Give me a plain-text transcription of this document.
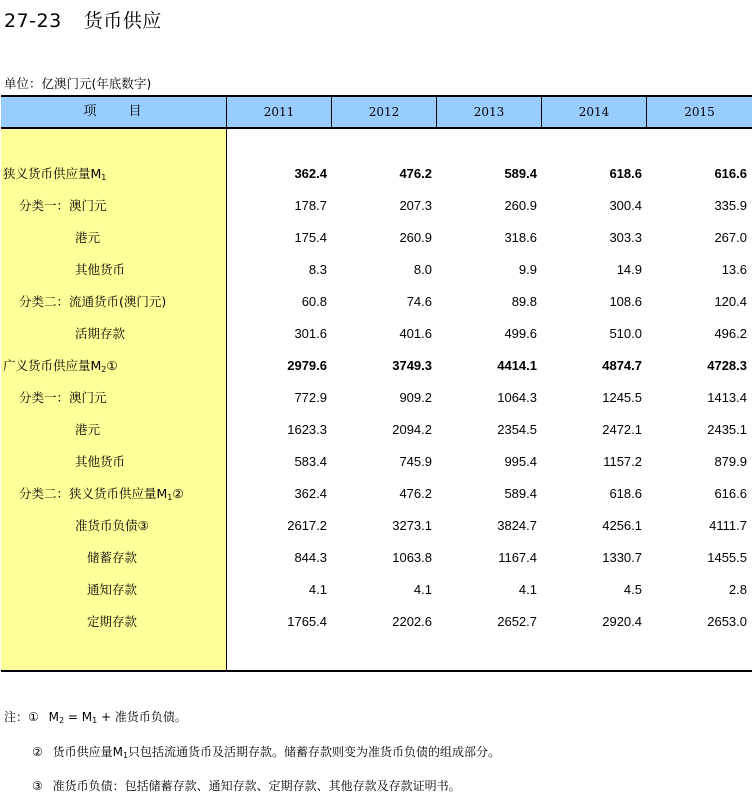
27-23 货币供应
单位：亿澳门元(年底数字)
项 目	2011	2012	2013	2014	2015
狭义货币供应量$M_1$	362.4	476.2	589.4	618.6	616.6
分类一：澳门元	178.7	207.3	260.9	300.4	335.9
港元	175.4	260.9	318.6	303.3	267.0
其他货币	8.3	8.0	9.9	14.9	13.6
分类二：流通货币(澳门元)	60.8	74.6	89.8	108.6	120.4
活期存款	301.6	401.6	499.6	510.0	496.2
广义货币供应量$M_2①$	2979.6	3749.3	4414.1	4874.7	4728.3
分类一：澳门元	772.9	909.2	1064.3	1245.5	1413.4
港元	1623.3	2094.2	2354.5	2472.1	2435.1
其他货币	583.4	745.9	995.4	1157.2	879.9
分类二：狭义货币供应量$M_1②$	362.4	476.2	589.4	618.6	616.6
准货币负债③	2617.2	3273.1	3824.7	4256.1	4111.7
储蓄存款	844.3	1063.8	1167.4	1330.7	1455.5
通知存款	4.1	4.1	4.1	4.5	2.8
定期存款	1765.4	2202.6	2652.7	2920.4	2653.0
注：① $M_2 = M_1$ + 准货币负债。
② 货币供应量$M_1$只包括流通货币及活期存款。储蓄存款则变为准货币负债的组成部分。
③ 准货币负债：包括储蓄存款、通知存款、定期存款、其他存款及存款证明书。
